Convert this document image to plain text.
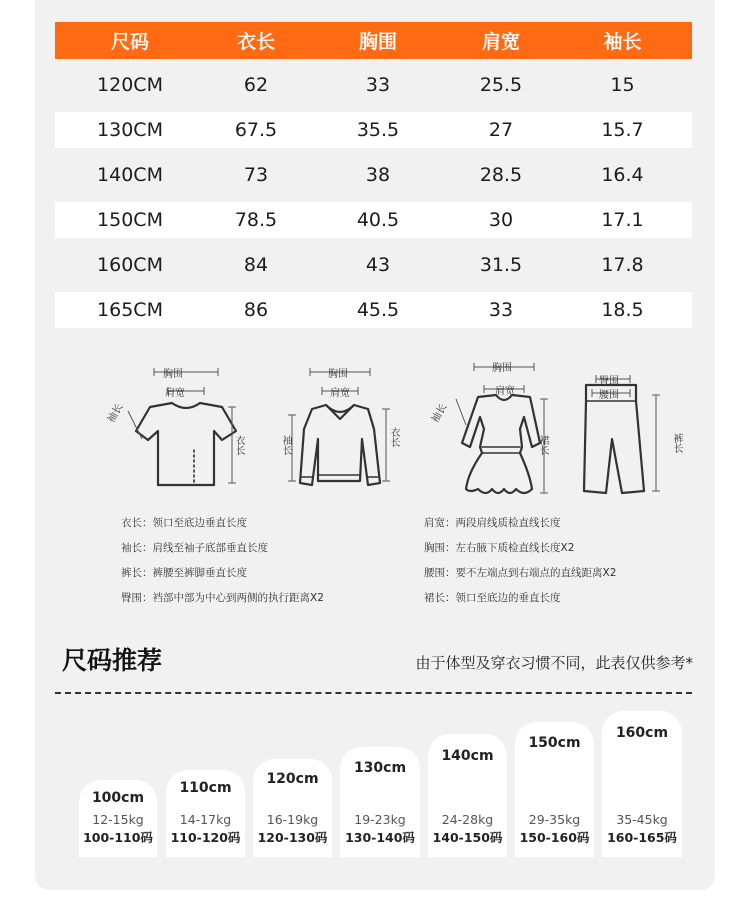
尺码	衣长	胸围	肩宽	袖长
120CM	62	33	25.5	15
130CM	67.5	35.5	27	15.7
140CM	73	38	28.5	16.4
150CM	78.5	40.5	30	17.1
160CM	84	43	31.5	17.8
165CM	86	45.5	33	18.5
胸围
肩宽
袖长
衣长
胸围
肩宽
袖长	衣长
胸围
肩宽
袖长
裙长
臀围
腰围
裤长
衣长：领口至底边垂直长度
袖长：肩线至袖子底部垂直长度
裤长：裤腰至裤脚垂直长度
臀围：裆部中部为中心到两侧的执行距离X2
肩宽：两段肩线质检直线长度
胸围：左右腋下质检直线长度X2
腰围：要不左端点到右端点的直线距离X2
裙长：领口至底边的垂直长度
尺码推荐	由于体型及穿衣习惯不同，此表仅供参考*
100cm
12-15kg
100-110码
110cm
14-17kg
110-120码
120cm
16-19kg
120-130码
130cm
19-23kg
130-140码
140cm
24-28kg
140-150码
150cm
29-35kg
150-160码
160cm
35-45kg
160-165码
